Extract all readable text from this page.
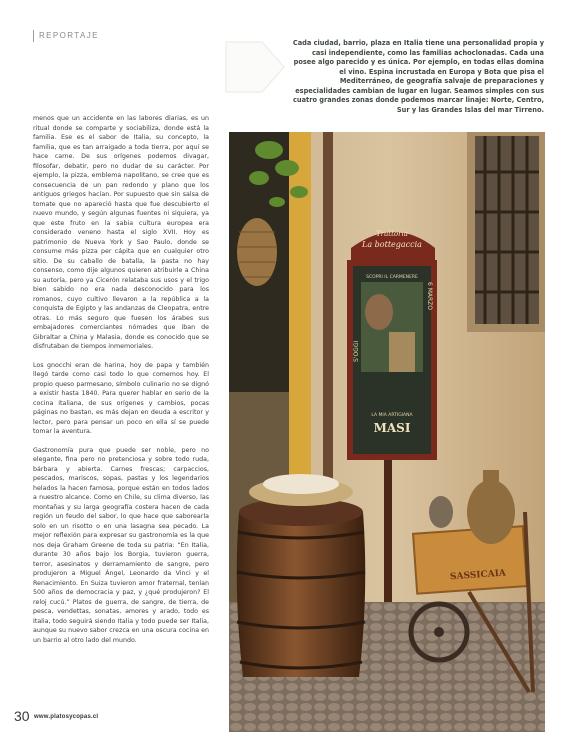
REPORTAJE
Cada ciudad, barrio, plaza en Italia tiene una personalidad propia y casi independiente, como las familias achoclonadas. Cada una posee algo parecido y es única. Por ejemplo, en todas ellas domina el vino. Espina incrustada en Europa y Bota que pisa el Mediterráneo, de geografía salvaje de preparaciones y especialidades cambian de lugar en lugar. Seamos simples con sus cuatro grandes zonas donde podemos marcar linaje: Norte, Centro, Sur y las Grandes Islas del mar Tirreno.

menos que un accidente en las labores diarias, es un ritual donde se comparte y sociabiliza, donde está la familia. Ese es el sabor de Italia, su concepto, la familia, que es tan arraigado a toda tierra, por aquí se hace carne. De sus orígenes podemos divagar, filosofar, debatir, pero no dudar de su carácter. Por ejemplo, la pizza, emblema napolitano, se cree que es consecuencia de un pan redondo y plano que los antiguos griegos hacían. Por supuesto que sin salsa de tomate que no apareció hasta que fue descubierto el nuevo mundo, y según algunas fuentes ni siquiera, ya que este fruto en la sabia cultura europea era considerado veneno hasta el siglo XVII. Hoy es patrimonio de Nueva York y Sao Paulo, donde se consume más pizza per cápita que en cualquier otro sitio. De su caballo de batalla, la pasta no hay consenso, como dije algunos quieren atribuirle a China su autoría, pero ya Cicerón relataba sus usos y el trigo bien sabido no era nada desconocido para los romanos, cuyo cultivo llevaron a la república a la conquista de Egipto y las andanzas de Cleopatra, entre otras. Lo más seguro que fuesen los árabes sus embajadores comerciantes nómades que iban de Gibraltar a China y Malasia, donde es conocido que se disfrutaban de tiempos inmemoriales.

Los gnocchi eran de harina, hoy de papa y también llegó tarde como casi todo lo que comemos hoy. El propio queso parmesano, símbolo culinario no se dignó a existir hasta 1840. Para querer hablar en serio de la cocina italiana, de sus orígenes y cambios, pocas páginas no bastan, es más dejan en deuda a escritor y lector, pero para pensar un poco en ella sí se puede tomar la aventura.

Gastronomía pura que puede ser noble, pero no elegante, fina pero no pretenciosa y sobre todo ruda, bárbara y abierta. Carnes frescas; carpaccios, pescados, mariscos, sopas, pastas y los legendarios helados la hacen famosa, porque están en todos lados a nuestro alcance. Como en Chile, su clima diverso, las montañas y su larga geografía costera hacen de cada región un feudo del sabor, lo que hace que saborearla solo en un risotto o en una lasagna sea pecado. La mejor reflexión para expresar su gastronomía es la que nos deja Graham Greene de toda su patria: “En Italia, durante 30 años bajo los Borgia, tuvieron guerra, terror, asesinatos y derramamiento de sangre, pero produjeron a Miguel Ángel, Leonardo da Vinci y el Renacimiento. En Suiza tuvieron amor fraternal, tenían 500 años de democracia y paz, y ¿qué produjeron? El reloj cucú.” Platos de guerra, de sangre, de tierra, de pesca, vendettas, sonatas, amores y arado, todo es Italia, todo seguirá siendo Italia y todo puede ser Italia, aunque su nuevo sabor crezca en una oscura cocina en un barrio al otro lado del mundo.

Trattoria
La bottegaccia
S'OGGI
6 MARZO
SCOPRI IL CARMENERE
LA MIA ARTIGIANA
MASI
SASSICAIA
30 www.platosycopas.cl
